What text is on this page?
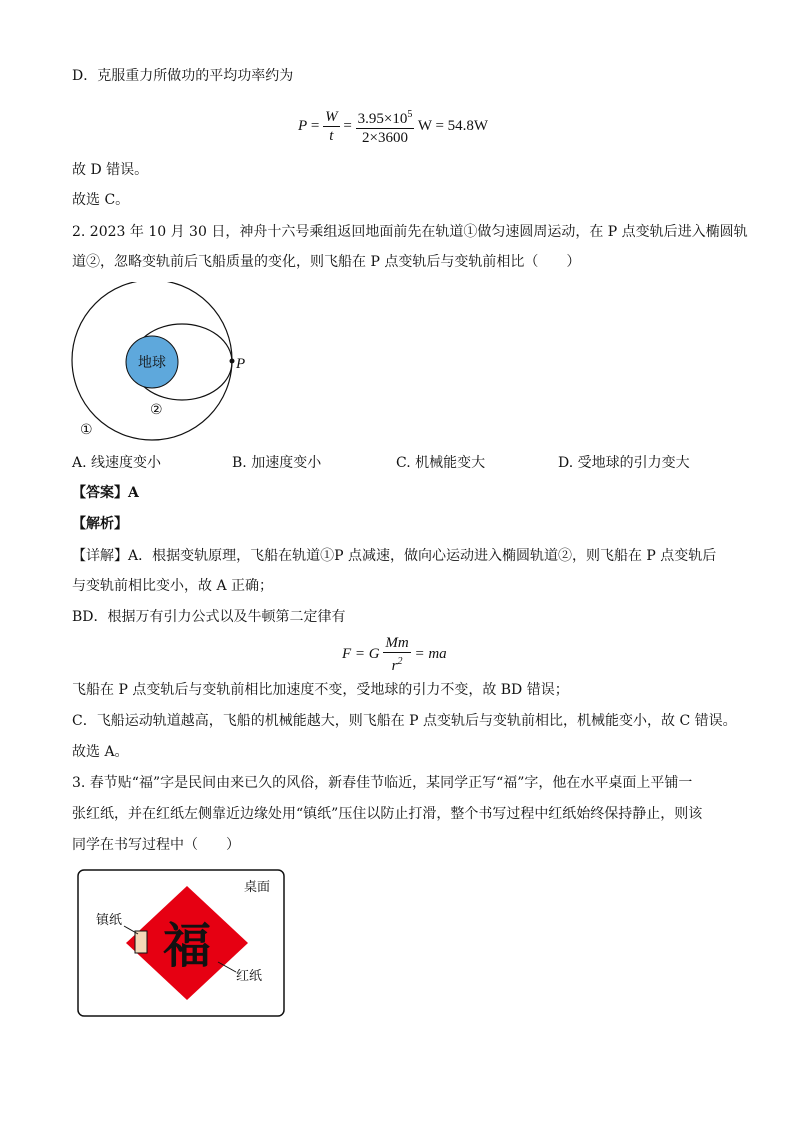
D．克服重力所做功的平均功率约为
$P = \frac{W}{t} = \frac{3.95\times 10^5}{2\times 3600}$ W = 54.8W
故 D 错误。
故选 C。
2. 2023 年 10 月 30 日，神舟十六号乘组返回地面前先在轨道①做匀速圆周运动，在 P 点变轨后进入椭圆轨
道②，忽略变轨前后飞船质量的变化，则飞船在 P 点变轨后与变轨前相比（　　）
地球	P
②
①
A. 线速度变小	B. 加速度变小	C. 机械能变大	D. 受地球的引力变大
【答案】A
【解析】
【详解】A．根据变轨原理，飞船在轨道①P 点减速，做向心运动进入椭圆轨道②，则飞船在 P 点变轨后
与变轨前相比变小，故 A 正确；
BD．根据万有引力公式以及牛顿第二定律有
F = G $\frac{Mm}{r^2}$ = ma
飞船在 P 点变轨后与变轨前相比加速度不变，受地球的引力不变，故 BD 错误；
C．飞船运动轨道越高，飞船的机械能越大，则飞船在 P 点变轨后与变轨前相比，机械能变小，故 C 错误。
故选 A。
3. 春节贴“福”字是民间由来已久的风俗，新春佳节临近，某同学正写“福”字，他在水平桌面上平铺一
张红纸，并在红纸左侧靠近边缘处用“镇纸”压住以防止打滑，整个书写过程中红纸始终保持静止，则该
同学在书写过程中（　　）
福
桌面
镇纸
红纸
